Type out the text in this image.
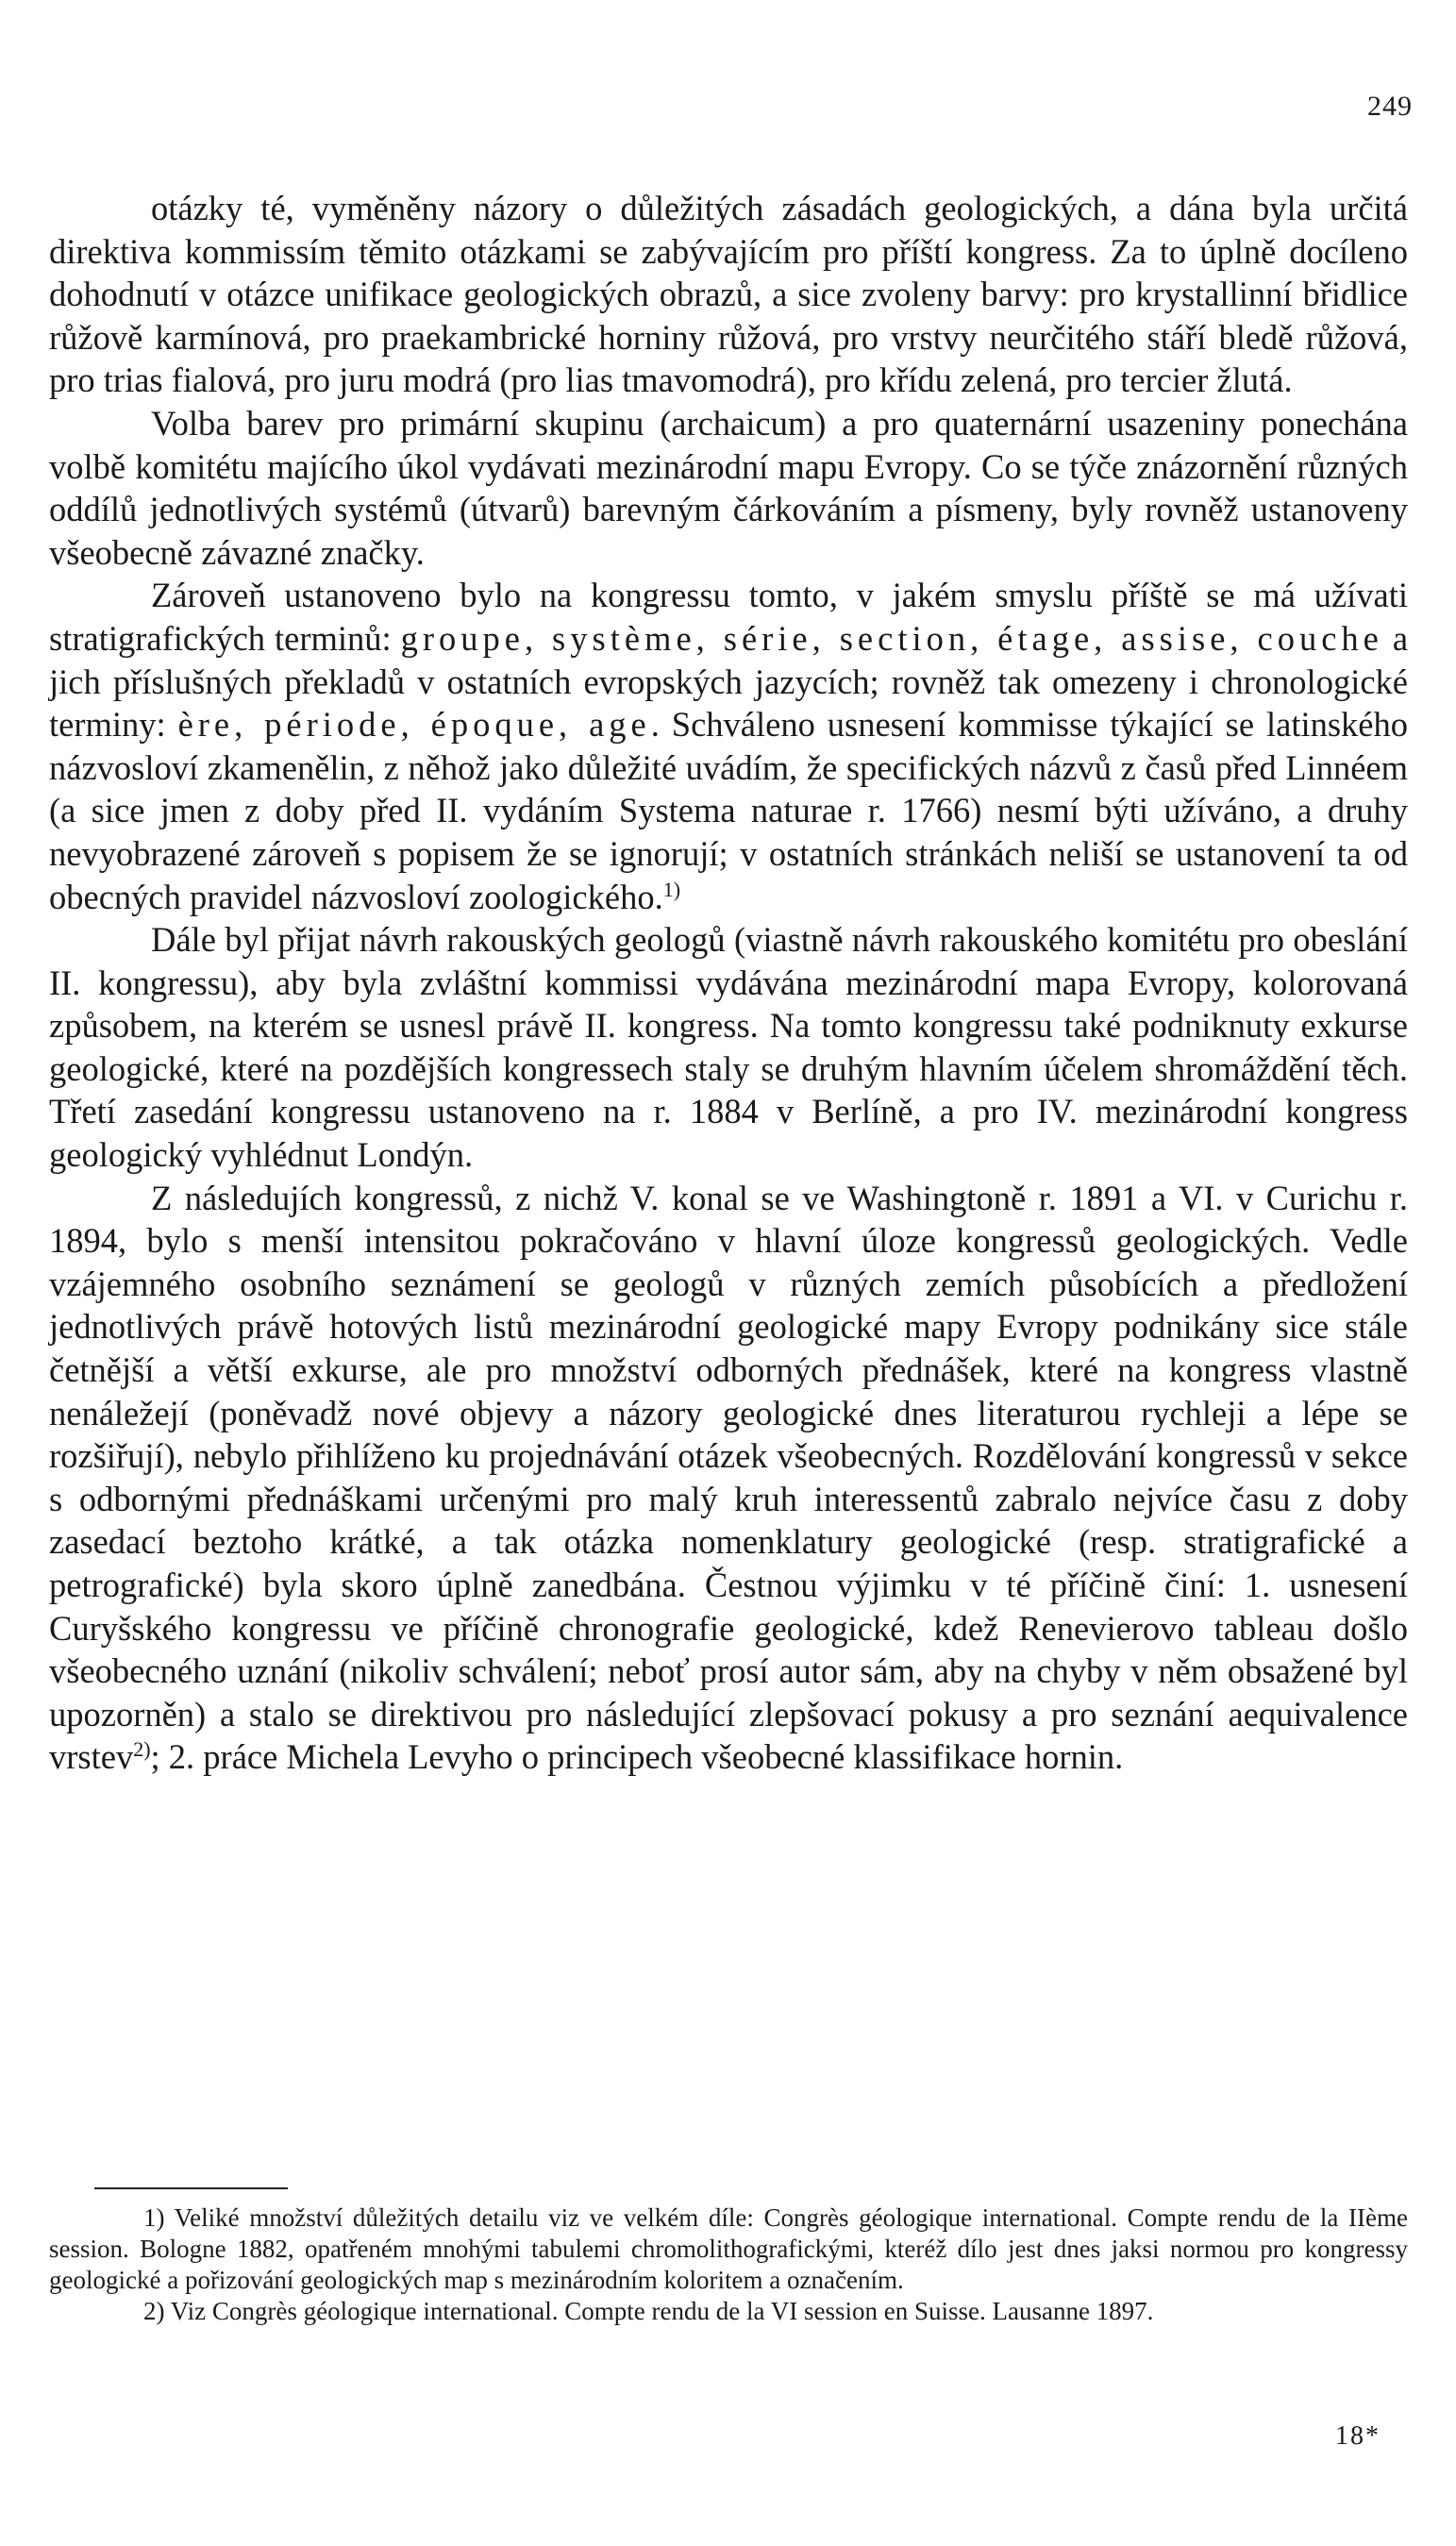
249

otázky té, vyměněny názory o důležitých zásadách geologických, a dána byla určitá direktiva kommissím těmito otázkami se zabývajícím pro příští kongress. Za to úplně docíleno dohodnutí v otázce unifikace geologických obrazů, a sice zvoleny barvy: pro krystallinní břidlice růžově karmínová, pro praekambrické horniny růžová, pro vrstvy neurčitého stáří bledě růžová, pro trias fialová, pro juru modrá (pro lias tmavomodrá), pro křídu zelená, pro tercier žlutá.

Volba barev pro primární skupinu (archaicum) a pro quaternární usazeniny ponechána volbě komitétu majícího úkol vydávati mezinárodní mapu Evropy. Co se týče znázornění různých oddílů jednotlivých systémů (útvarů) barevným čárkováním a písmeny, byly rovněž ustanoveny všeobecně závazné značky.

Zároveň ustanoveno bylo na kongressu tomto, v jakém smyslu příště se má užívati stratigrafických terminů: groupe, système, série, section, étage, assise, couche a jich příslušných překladů v ostatních evropských jazycích; rovněž tak omezeny i chronologické terminy: ère, période, époque, age. Schváleno usnesení kommisse týkající se latinského názvosloví zkamenělin, z něhož jako důležité uvádím, že specifických názvů z časů před Linnéem (a sice jmen z doby před II. vydáním Systema naturae r. 1766) nesmí býti užíváno, a druhy nevyobrazené zároveň s popisem že se ignorují; v ostatních stránkách neliší se ustanovení ta od obecných pravidel názvosloví zoologického.$^{1)}$

Dále byl přijat návrh rakouských geologů (viastně návrh rakouského komitétu pro obeslání II. kongressu), aby byla zvláštní kommissi vydávána mezinárodní mapa Evropy, kolorovaná způsobem, na kterém se usnesl právě II. kongress. Na tomto kongressu také podniknuty exkurse geologické, které na pozdějších kongressech staly se druhým hlavním účelem shromáždění těch. Třetí zasedání kongressu ustanoveno na r. 1884 v Berlíně, a pro IV. mezinárodní kongress geologický vyhlédnut Londýn.

Z následujích kongressů, z nichž V. konal se ve Washingtoně r. 1891 a VI. v Curichu r. 1894, bylo s menší intensitou pokračováno v hlavní úloze kongressů geologických. Vedle vzájemného osobního seznámení se geologů v různých zemích působících a předložení jednotlivých právě hotových listů mezinárodní geologické mapy Evropy podnikány sice stále četnější a větší exkurse, ale pro množství odborných přednášek, které na kongress vlastně nenáležejí (poněvadž nové objevy a názory geologické dnes literaturou rychleji a lépe se rozšiřují), nebylo přihlíženo ku projednávání otázek všeobecných. Rozdělování kongressů v sekce s odbornými přednáškami určenými pro malý kruh interessentů zabralo nejvíce času z doby zasedací beztoho krátké, a tak otázka nomenklatury geologické (resp. stratigrafické a petrografické) byla skoro úplně zanedbána. Čestnou výjimku v té příčině činí: 1. usnesení Curyšského kongressu ve příčině chronografie geologické, kdež Renevierovo tableau došlo všeobecného uznání (nikoliv schválení; neboť prosí autor sám, aby na chyby v něm obsažené byl upozorněn) a stalo se direktivou pro následující zlepšovací pokusy a pro seznání aequivalence vrstev$^{2)}$; 2. práce Michela Levyho o principech všeobecné klassifikace hornin.

1) Veliké množství důležitých detailu viz ve velkém díle: Congrès géologique international. Compte rendu de la IIème session. Bologne 1882, opatřeném mnohými tabulemi chromolithografickými, kteréž dílo jest dnes jaksi normou pro kongressy geologické a pořizování geologických map s mezinárodním koloritem a označením.

2) Viz Congrès géologique international. Compte rendu de la VI session en Suisse. Lausanne 1897.

18*
